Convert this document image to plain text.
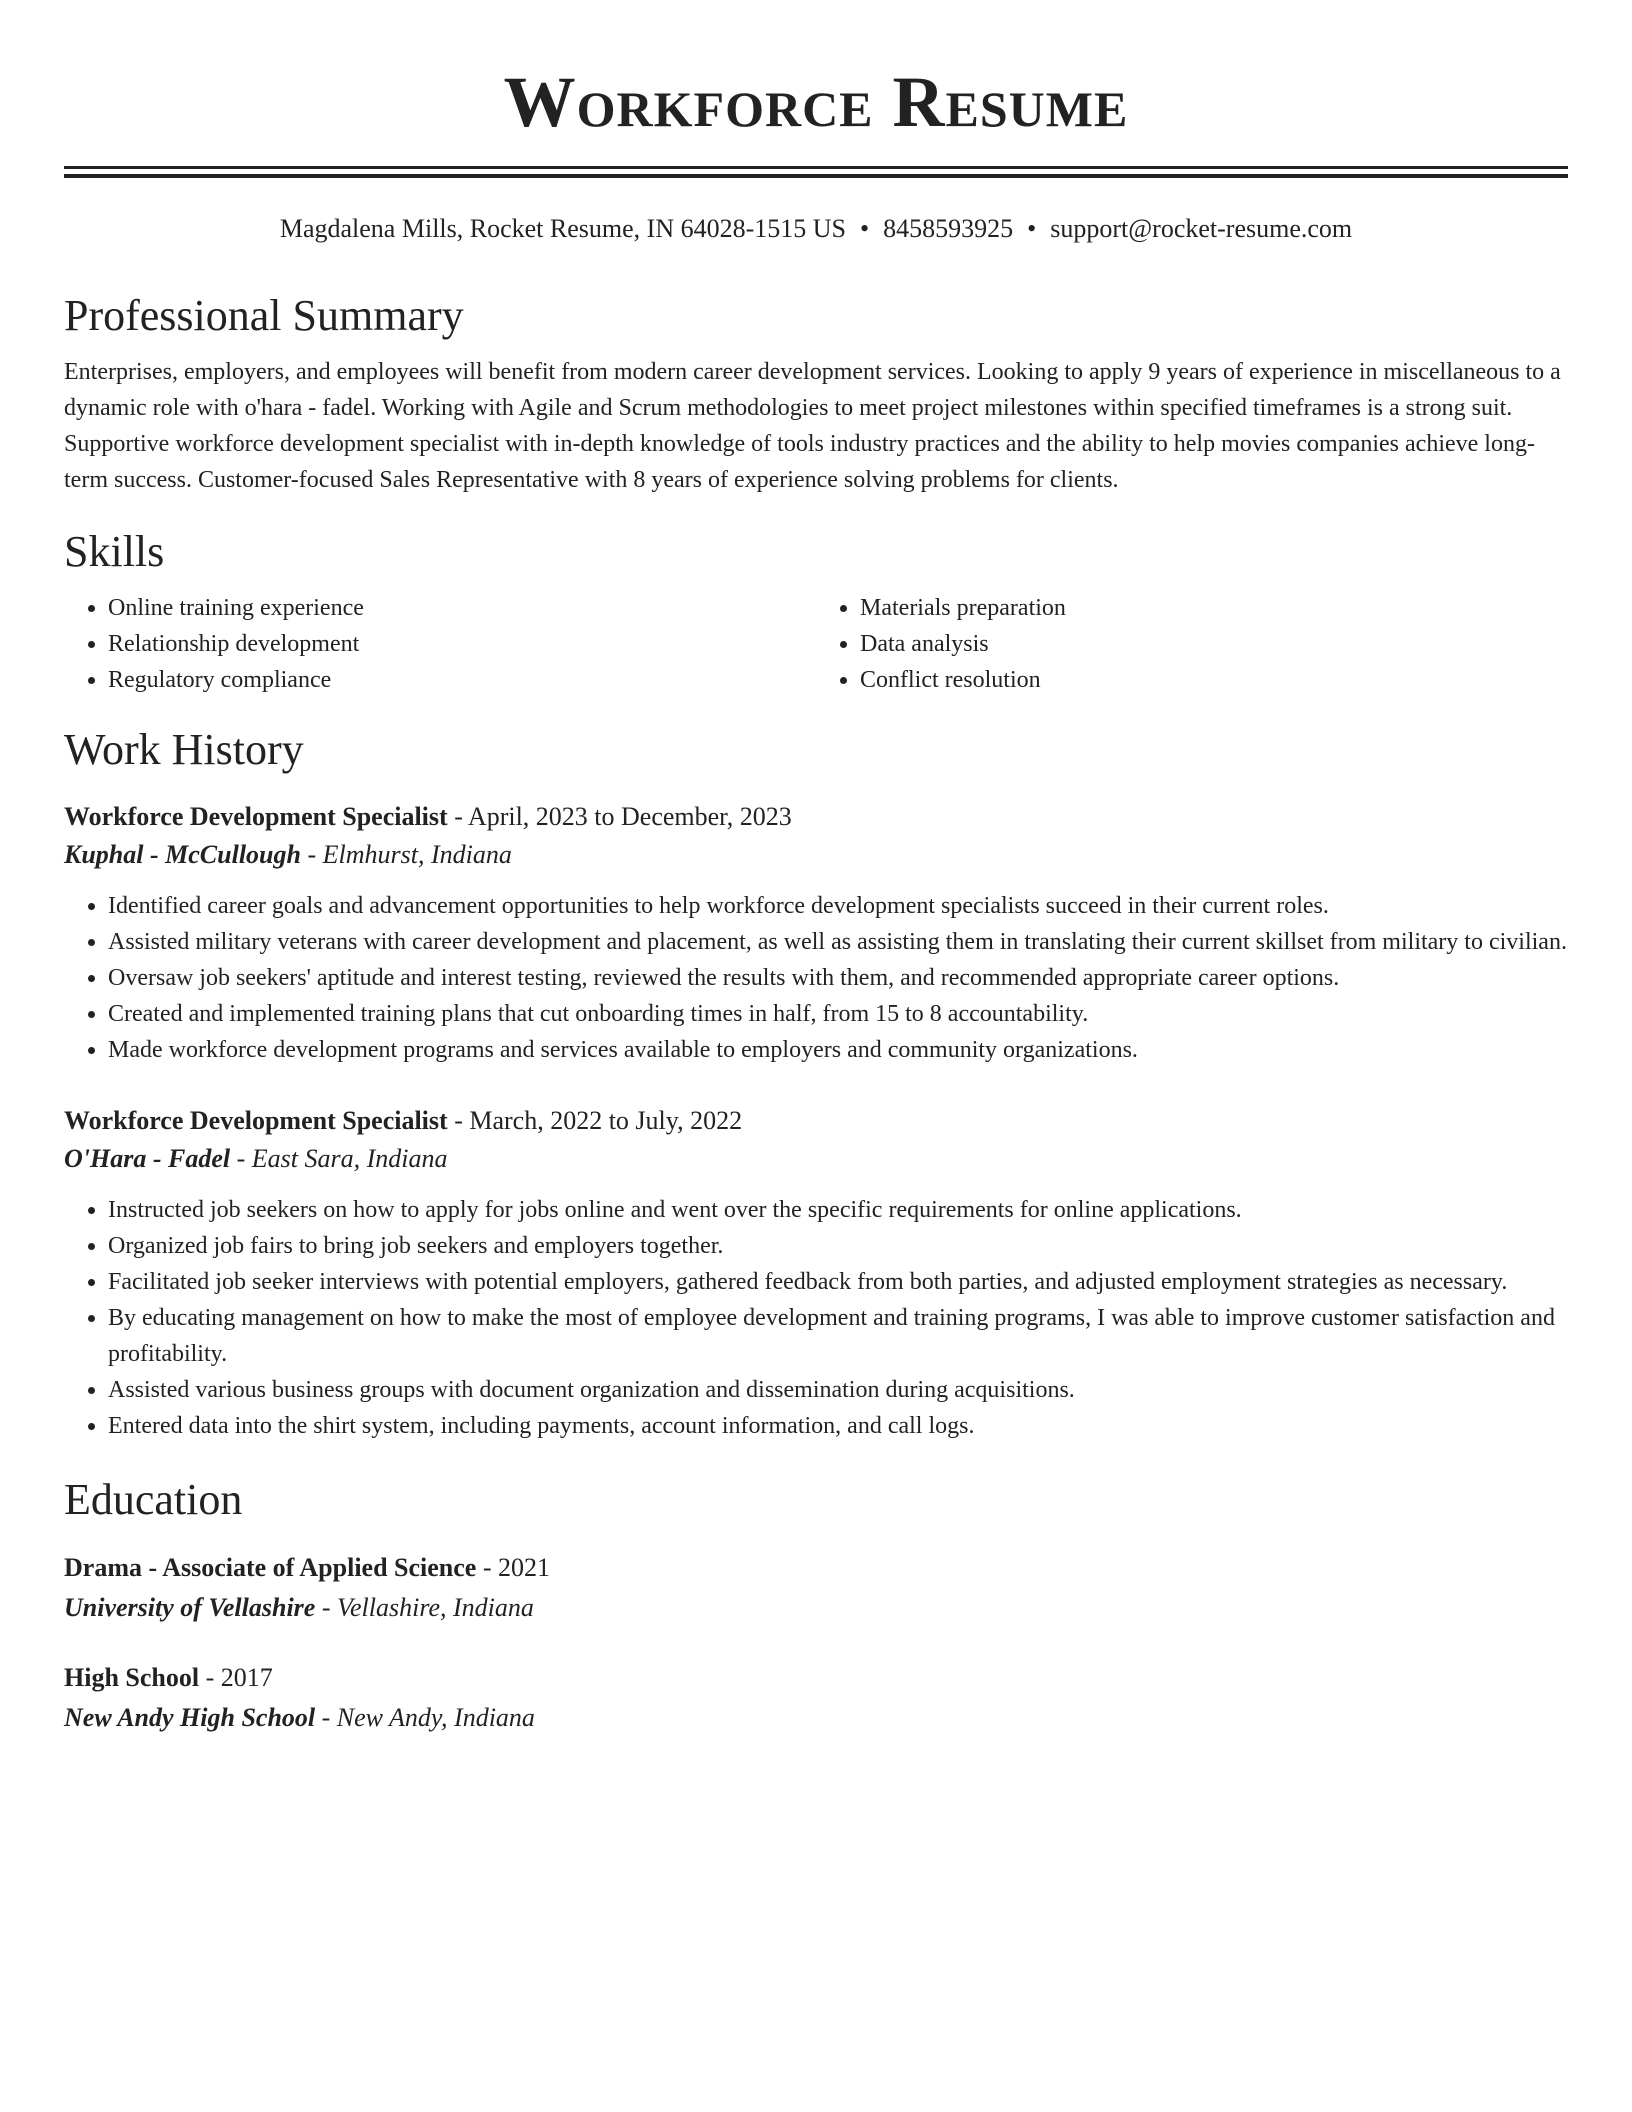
Workforce Resume
Magdalena Mills, Rocket Resume, IN 64028-1515 US • 8458593925 • support@rocket-resume.com
Professional Summary

Enterprises, employers, and employees will benefit from modern career development services. Looking to apply 9 years of experience in miscellaneous to a dynamic role with o'hara - fadel. Working with Agile and Scrum methodologies to meet project milestones within specified timeframes is a strong suit. Supportive workforce development specialist with in-depth knowledge of tools industry practices and the ability to help movies companies achieve long-term success. Customer-focused Sales Representative with 8 years of experience solving problems for clients.

Skills
• Online training experience
• Relationship development
• Regulatory compliance
• Materials preparation
• Data analysis
• Conflict resolution
Work History
Workforce Development Specialist - April, 2023 to December, 2023
Kuphal - McCullough - Elmhurst, Indiana
• Identified career goals and advancement opportunities to help workforce development specialists succeed in their current roles.
• Assisted military veterans with career development and placement, as well as assisting them in translating their current skillset from military to civilian.
• Oversaw job seekers' aptitude and interest testing, reviewed the results with them, and recommended appropriate career options.
• Created and implemented training plans that cut onboarding times in half, from 15 to 8 accountability.
• Made workforce development programs and services available to employers and community organizations.
Workforce Development Specialist - March, 2022 to July, 2022
O'Hara - Fadel - East Sara, Indiana
• Instructed job seekers on how to apply for jobs online and went over the specific requirements for online applications.
• Organized job fairs to bring job seekers and employers together.
• Facilitated job seeker interviews with potential employers, gathered feedback from both parties, and adjusted employment strategies as necessary.
• By educating management on how to make the most of employee development and training programs, I was able to improve customer satisfaction and profitability.
• Assisted various business groups with document organization and dissemination during acquisitions.
• Entered data into the shirt system, including payments, account information, and call logs.
Education
Drama - Associate of Applied Science - 2021
University of Vellashire - Vellashire, Indiana
High School - 2017
New Andy High School - New Andy, Indiana
